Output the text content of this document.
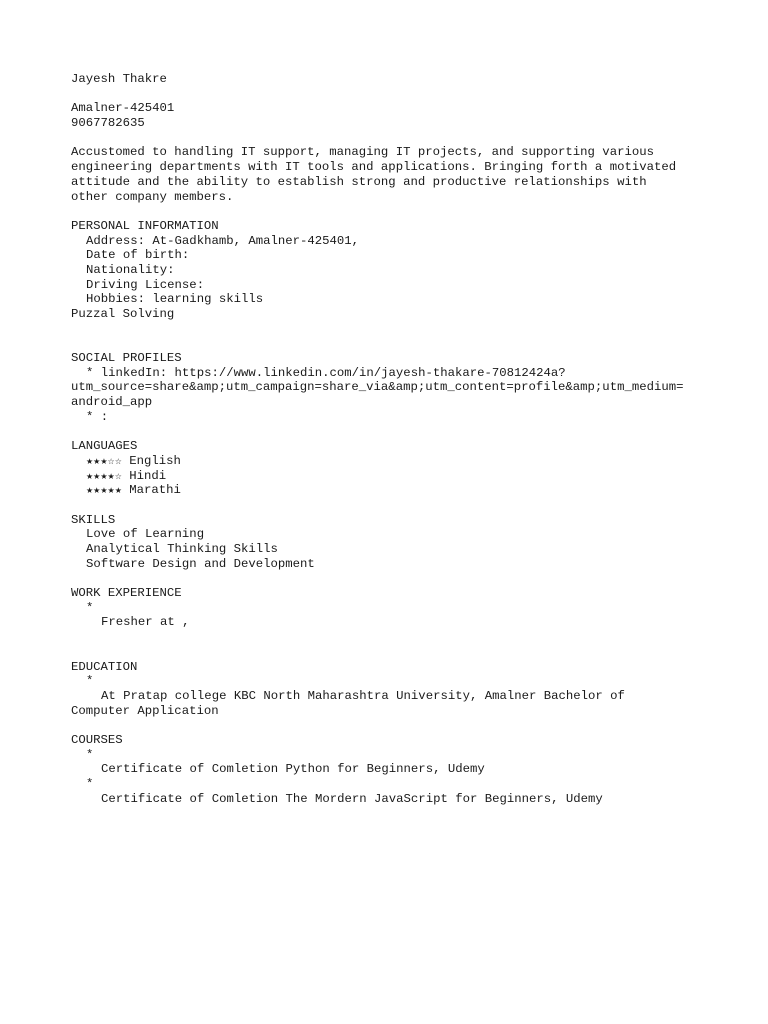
Jayesh Thakre
Amalner-425401
9067782635
Accustomed to handling IT support, managing IT projects, and supporting various
engineering departments with IT tools and applications. Bringing forth a motivated
attitude and the ability to establish strong and productive relationships with
other company members.
PERSONAL INFORMATION
Address: At-Gadkhamb, Amalner-425401,
Date of birth:
Nationality:
Driving License:
Hobbies: learning skills
Puzzal Solving
SOCIAL PROFILES
* linkedIn: https://www.linkedin.com/in/jayesh-thakare-70812424a?
utm_source=share&amp;utm_campaign=share_via&amp;utm_content=profile&amp;utm_medium=
android_app
* :
LANGUAGES
★★★☆☆ English
★★★★☆ Hindi
★★★★★ Marathi
SKILLS
Love of Learning
Analytical Thinking Skills
Software Design and Development
WORK EXPERIENCE
*
Fresher at ,
EDUCATION
*
At Pratap college KBC North Maharashtra University, Amalner Bachelor of
Computer Application
COURSES
*
Certificate of Comletion Python for Beginners, Udemy
*
Certificate of Comletion The Mordern JavaScript for Beginners, Udemy
